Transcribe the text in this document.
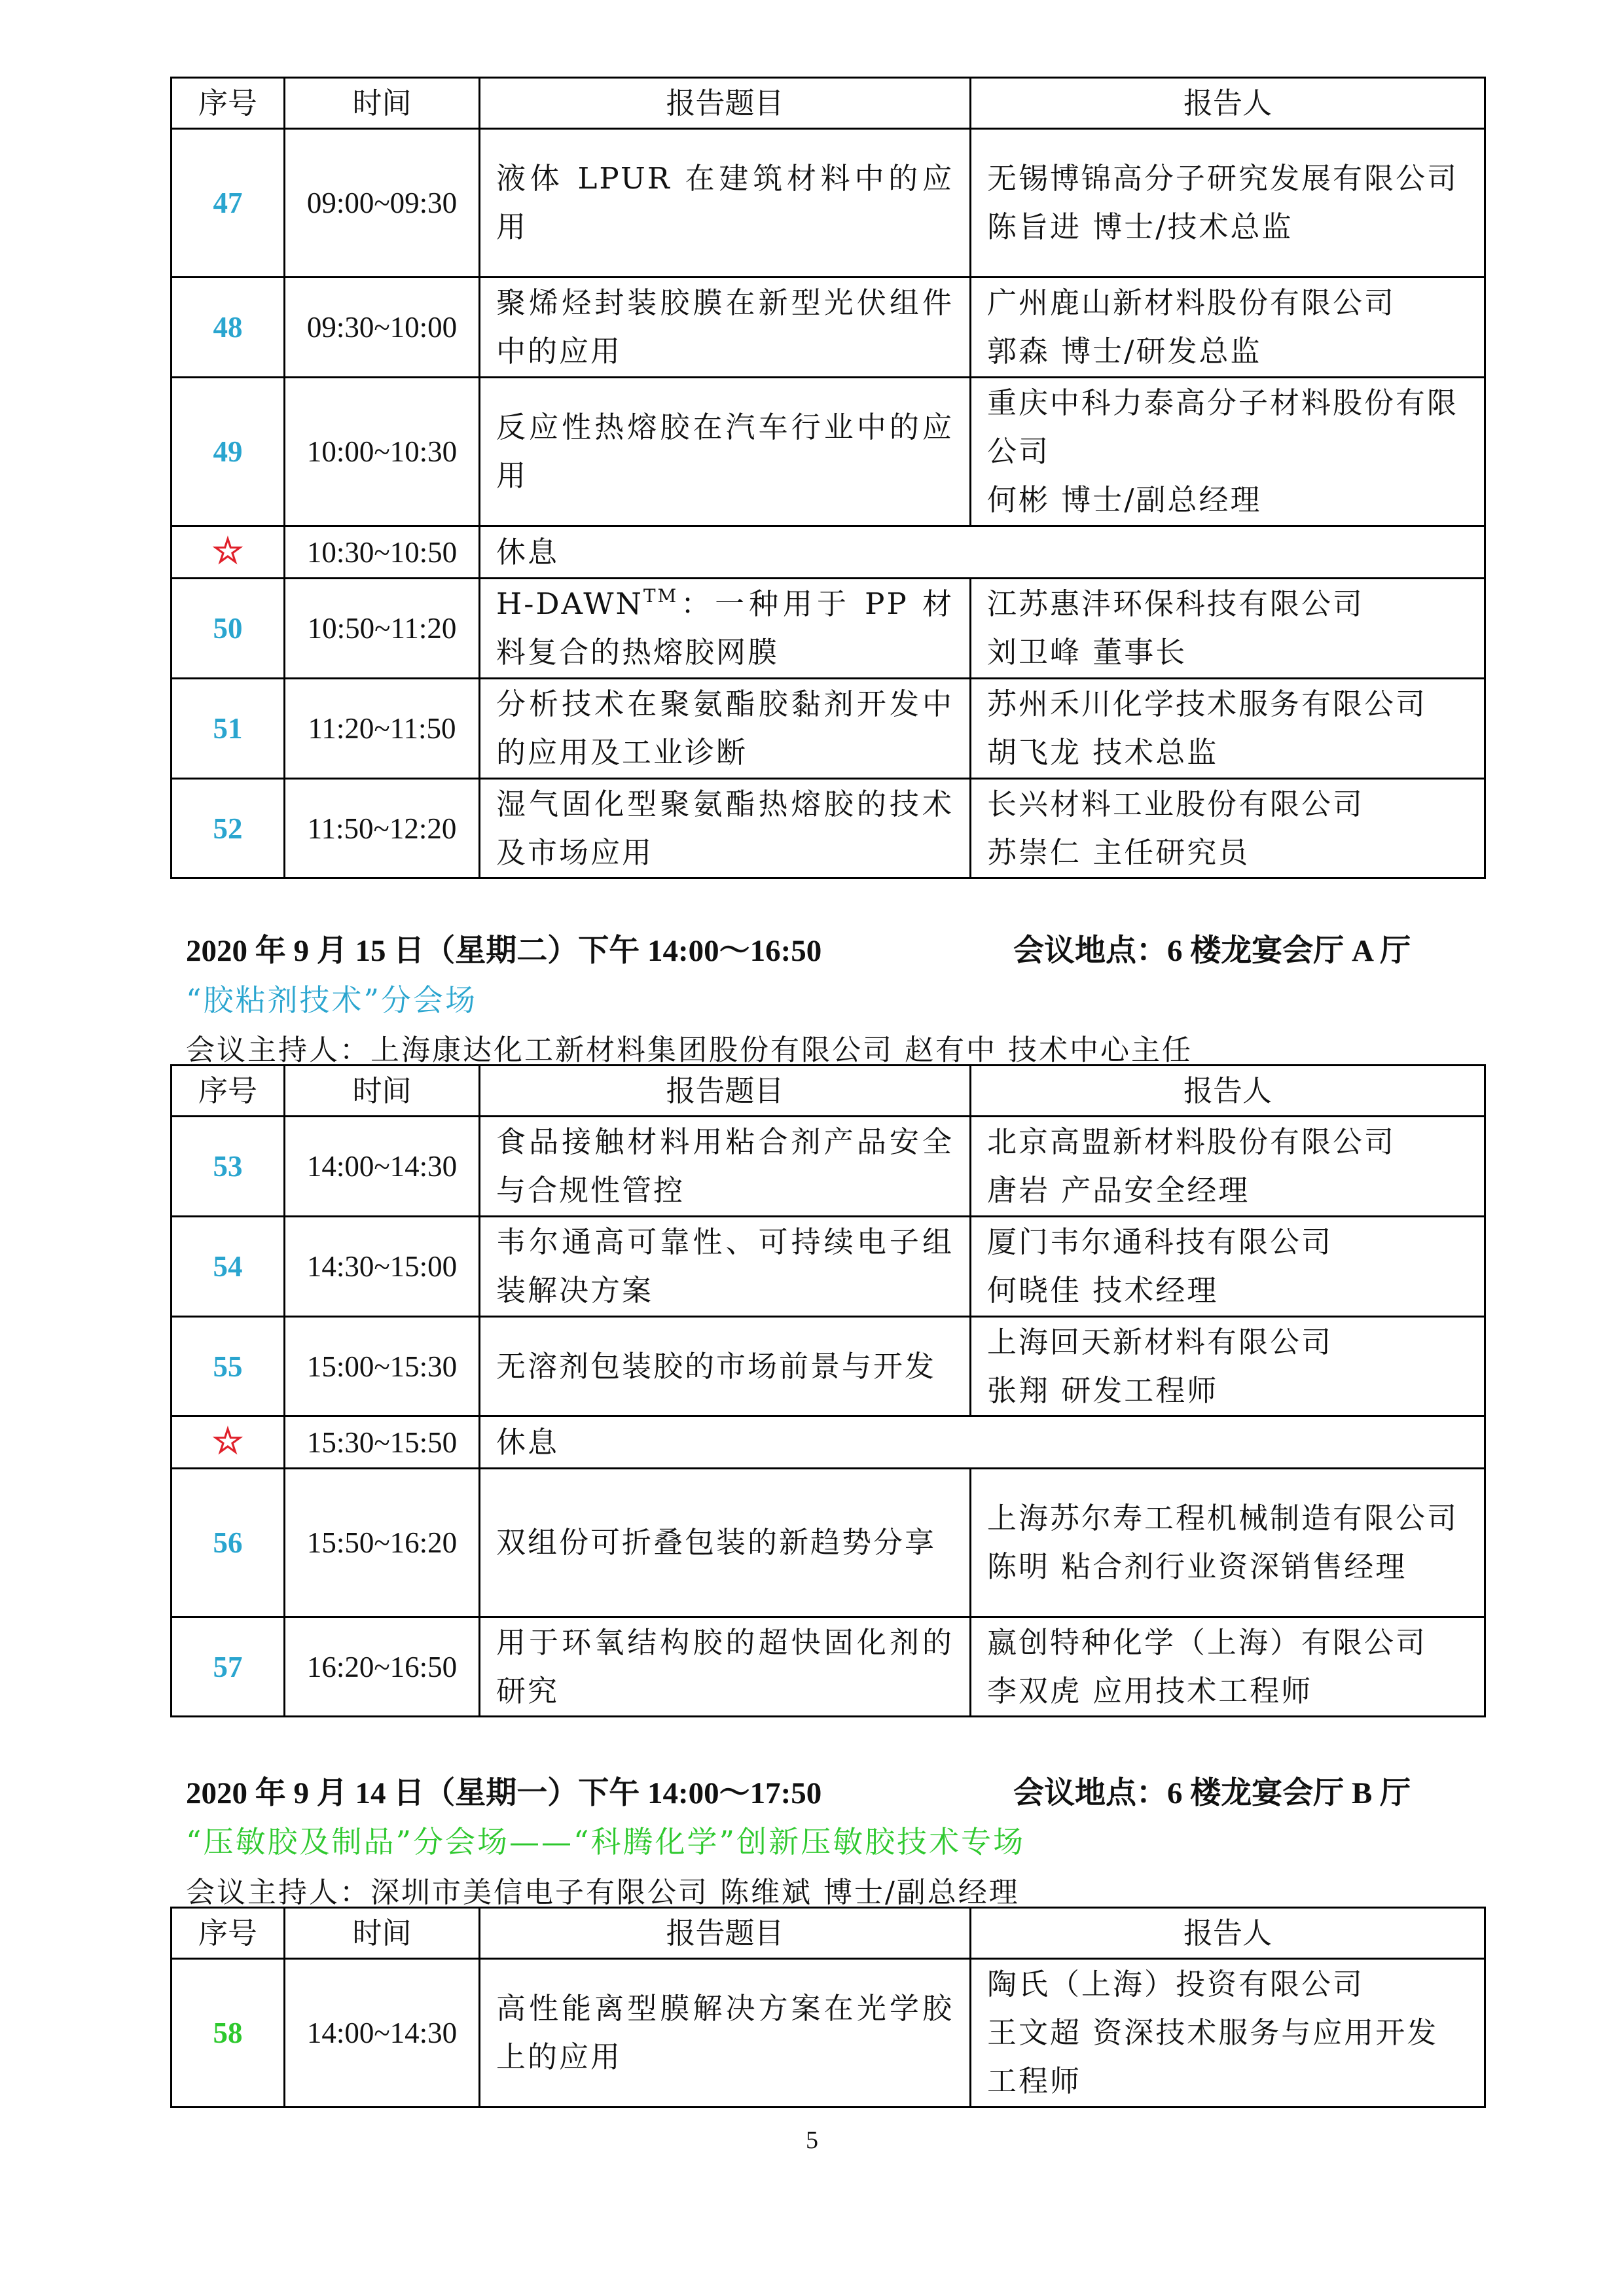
序号	时间	报告题目	报告人
47	09:00~09:30	液体 LPUR 在建筑材料中的应用	无锡博锦高分子研究发展有限公司
陈旨进 博士/技术总监

48	09:30~10:00	聚烯烃封装胶膜在新型光伏组件中的应用	广州鹿山新材料股份有限公司
郭森 博士/研发总监

49	10:00~10:30	反应性热熔胶在汽车行业中的应用	重庆中科力泰高分子材料股份有限公司
何彬 博士/副总经理

☆	10:30~10:50	休息	
50	10:50~11:20	H-DAWN™：一种用于 PP 材料复合的热熔胶网膜	江苏惠沣环保科技有限公司
刘卫峰 董事长

51	11:20~11:50	分析技术在聚氨酯胶黏剂开发中的应用及工业诊断	苏州禾川化学技术服务有限公司
胡飞龙 技术总监

52	11:50~12:20	湿气固化型聚氨酯热熔胶的技术及市场应用	长兴材料工业股份有限公司
苏崇仁 主任研究员
2020 年 9 月 15 日（星期二）下午 14:00～16:50	会议地点：6 楼龙宴会厅 A 厅
“胶粘剂技术”分会场
会议主持人：上海康达化工新材料集团股份有限公司 赵有中 技术中心主任
序号	时间	报告题目	报告人
53	14:00~14:30	食品接触材料用粘合剂产品安全与合规性管控	北京高盟新材料股份有限公司
唐岩 产品安全经理

54	14:30~15:00	韦尔通高可靠性、可持续电子组装解决方案	厦门韦尔通科技有限公司
何晓佳 技术经理

55	15:00~15:30	无溶剂包装胶的市场前景与开发	上海回天新材料有限公司
张翔 研发工程师

☆	15:30~15:50	休息	
56	15:50~16:20	双组份可折叠包装的新趋势分享	上海苏尔寿工程机械制造有限公司
陈明 粘合剂行业资深销售经理

57	16:20~16:50	用于环氧结构胶的超快固化剂的研究	嬴创特种化学（上海）有限公司
李双虎 应用技术工程师
2020 年 9 月 14 日（星期一）下午 14:00～17:50	会议地点：6 楼龙宴会厅 B 厅
“压敏胶及制品”分会场——“科腾化学”创新压敏胶技术专场
会议主持人：深圳市美信电子有限公司 陈维斌 博士/副总经理
序号	时间	报告题目	报告人
58	14:00~14:30	高性能离型膜解决方案在光学胶上的应用	陶氏（上海）投资有限公司
王文超 资深技术服务与应用开发工程师
5
